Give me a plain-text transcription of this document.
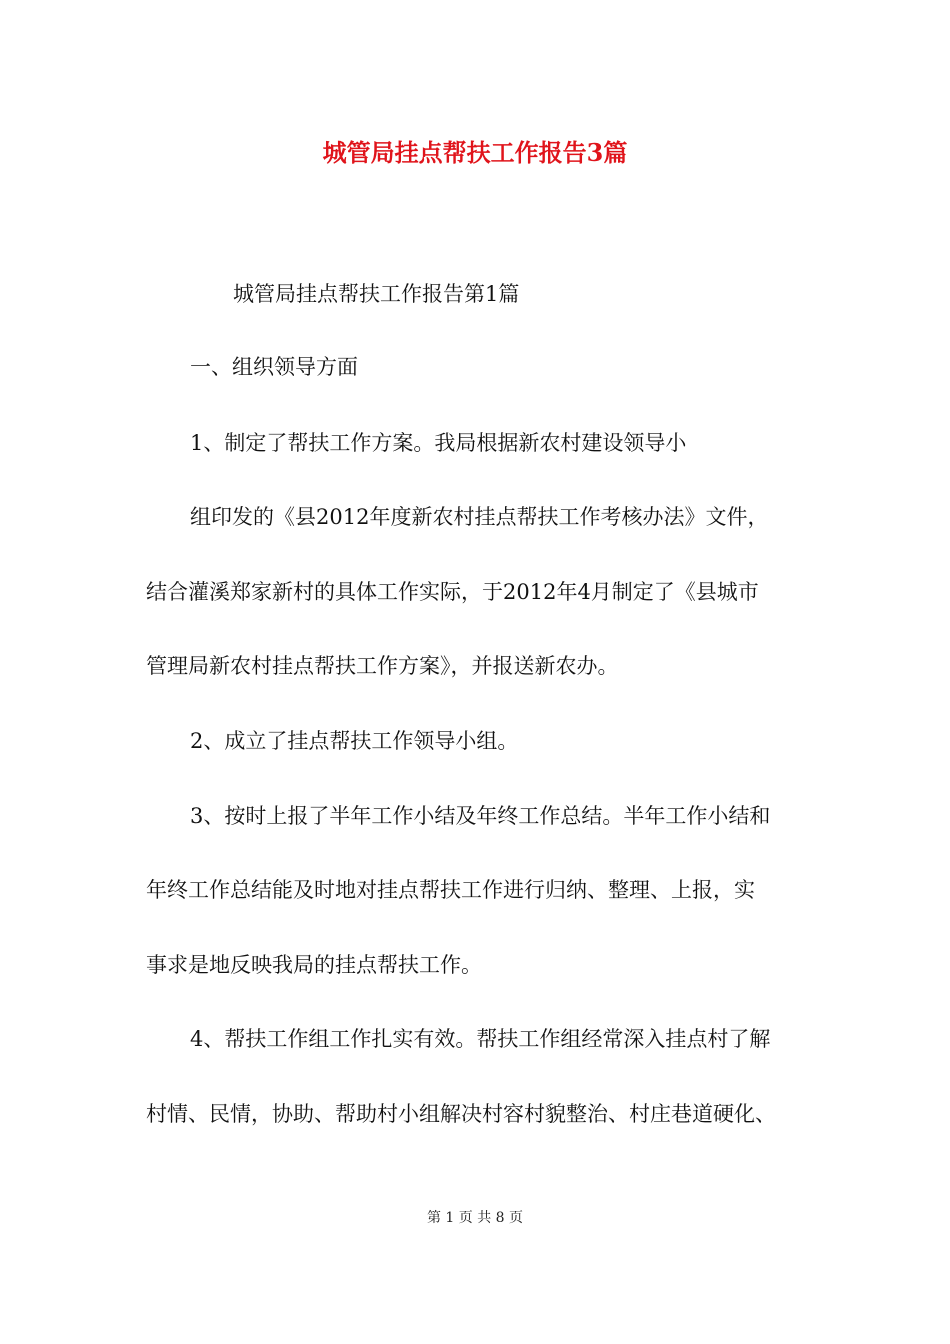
城管局挂点帮扶工作报告3篇
城管局挂点帮扶工作报告第1篇
一、组织领导方面
1、制定了帮扶工作方案。我局根据新农村建设领导小
组印发的《县2012年度新农村挂点帮扶工作考核办法》文件，
结合灌溪郑家新村的具体工作实际，于2012年4月制定了《县城市
管理局新农村挂点帮扶工作方案》，并报送新农办。
2、成立了挂点帮扶工作领导小组。
3、按时上报了半年工作小结及年终工作总结。半年工作小结和
年终工作总结能及时地对挂点帮扶工作进行归纳、整理、上报，实
事求是地反映我局的挂点帮扶工作。
4、帮扶工作组工作扎实有效。帮扶工作组经常深入挂点村了解
村情、民情，协助、帮助村小组解决村容村貌整治、村庄巷道硬化、
第 1 页 共 8 页
